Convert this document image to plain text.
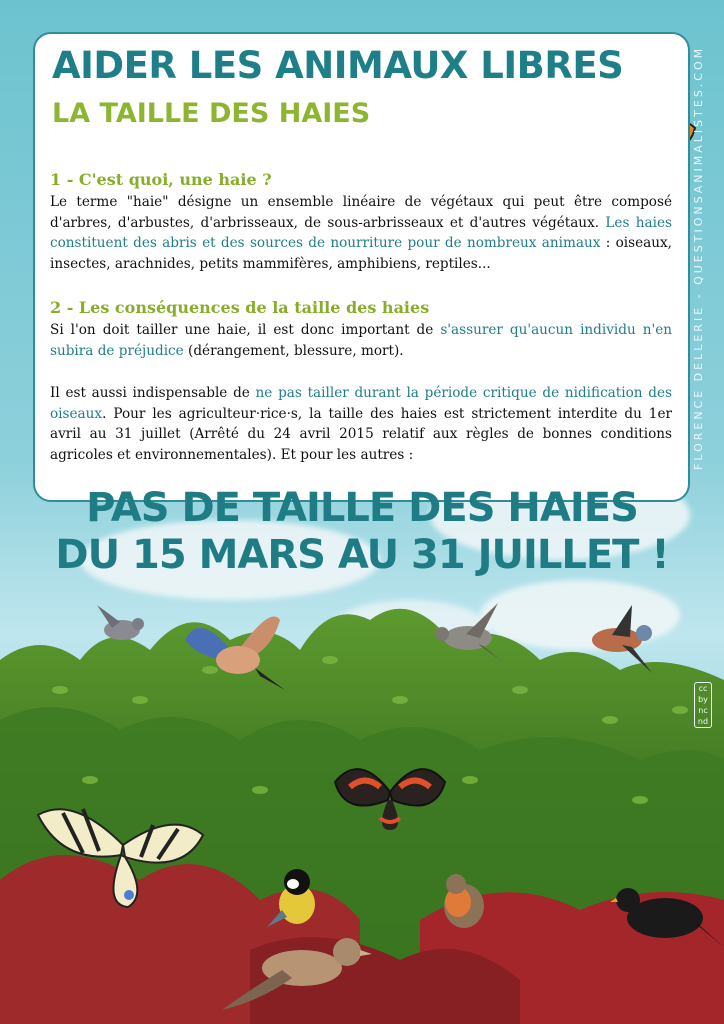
AIDER LES ANIMAUX LIBRES
LA TAILLE DES HAIES
1 - C'est quoi, une haie ?

Le terme "haie" désigne un ensemble linéaire de végétaux qui peut être composé d'arbres, d'arbustes, d'arbrisseaux, de sous-arbrisseaux et d'autres végétaux. Les haies constituent des abris et des sources de nourriture pour de nombreux animaux : oiseaux, insectes, arachnides, petits mammifères, amphibiens, reptiles...

2 - Les conséquences de la taille des haies

Si l'on doit tailler une haie, il est donc important de s'assurer qu'aucun individu n'en subira de préjudice (dérangement, blessure, mort).

Il est aussi indispensable de ne pas tailler durant la période critique de nidification des oiseaux. Pour les agriculteur·rice·s, la taille des haies est strictement interdite du 1er avril au 31 juillet (Arrêté du 24 avril 2015 relatif aux règles de bonnes conditions agricoles et environnementales). Et pour les autres :

PAS DE TAILLE DES HAIES
DU 15 MARS AU 31 JUILLET !
FLORENCE DELLERIE - QUESTIONSANIMALISTES.COM
cc by nc nd
